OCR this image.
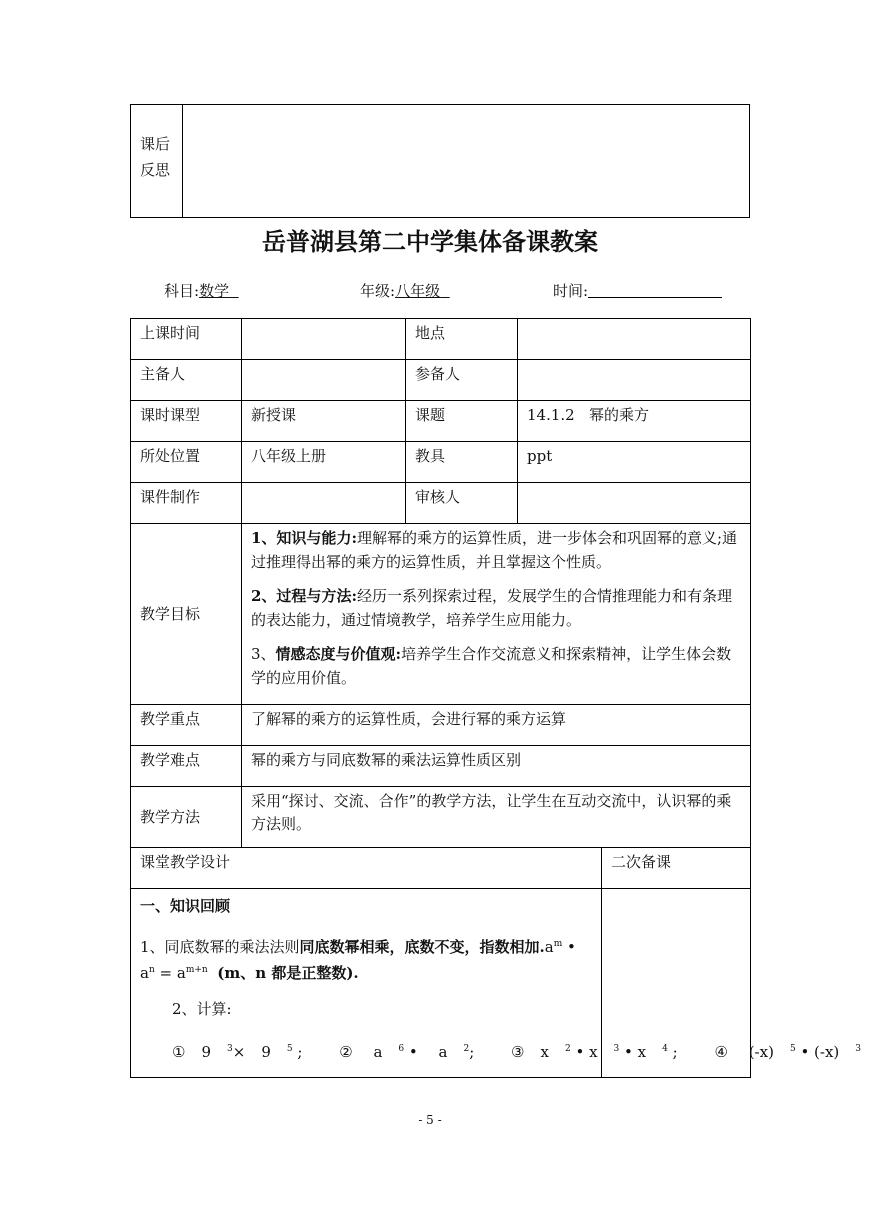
课后
反思
岳普湖县第二中学集体备课教案
科目:数学	年级:八年级	时间:
上课时间		地点		
主备人		参备人		
课时课型	新授课	课题	14.1.2   幂的乘方	
所处位置	八年级上册	教具	ppt	
课件制作		审核人		
教学目标	1、知识与能力:理解幂的乘方的运算性质，进一步体会和巩固幂的意义;通过推理得出幂的乘方的运算性质，并且掌握这个性质。

2、过程与方法:经历一系列探索过程，发展学生的合情推理能力和有条理的表达能力，通过情境教学，培养学生应用能力。

3、情感态度与价值观:培养学生合作交流意义和探索精神，让学生体会数学的应用价值。			

教学重点	了解幂的乘方的运算性质，会进行幂的乘方运算			
教学难点	幂的乘方与同底数幂的乘法运算性质区别			
教学方法	采用“探讨、交流、合作”的教学方法，让学生在互动交流中，认识幂的乘方法则。			
课堂教学设计				二次备课

一、知识回顾
1、同底数幂的乘法法则同底数幂相乘，底数不变，指数相加$.a^m$ •
$a^n = a^{m+n}$ (m、n 都是正整数).
2、计算:
① 9 $^3$× 9 $^5$ ; ② a $^6$ • a $^2$; ③ x $^2$ • x $^3$ • x $^4$ ; ④ (-x) $^5$ • (-x) $^3$

- 5 -
